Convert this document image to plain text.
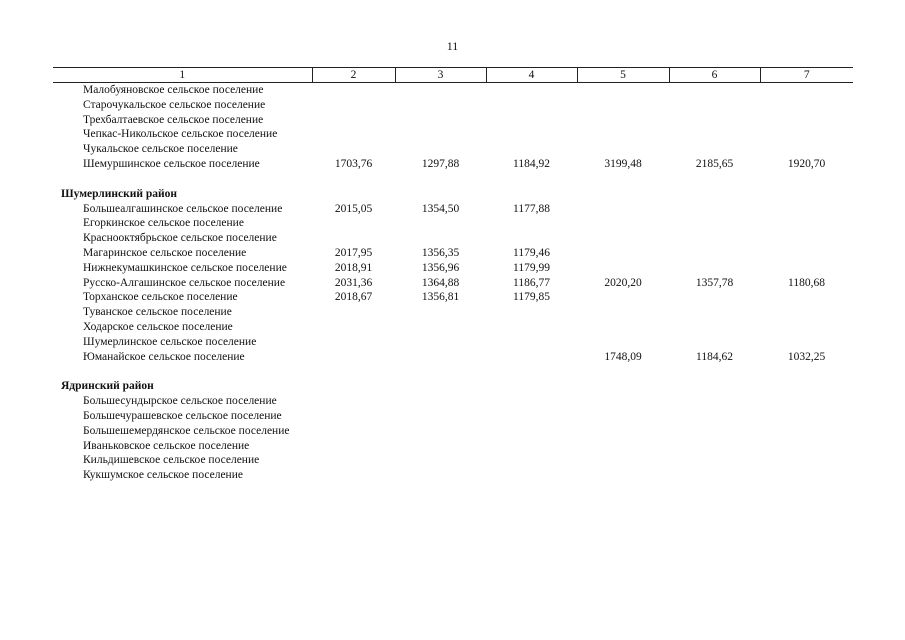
11
1	2	3	4	5	6	7
Малобуяновское сельское поселение						
Старочукальское сельское поселение						
Трехбалтаевское сельское поселение						
Чепкас-Никольское сельское поселение						
Чукальское сельское поселение						
Шемуршинское сельское поселение	1703,76	1297,88	1184,92	3199,48	2185,65	1920,70

Шумерлинский район						
Большеалгашинское сельское поселение	2015,05	1354,50	1177,88			
Егоркинское сельское поселение						
Краснооктябрьское сельское поселение						
Магаринское сельское поселение	2017,95	1356,35	1179,46			
Нижнекумашкинское сельское поселение	2018,91	1356,96	1179,99			
Русско-Алгашинское сельское поселение	2031,36	1364,88	1186,77	2020,20	1357,78	1180,68
Торханское сельское поселение	2018,67	1356,81	1179,85			
Туванское сельское поселение						
Ходарское сельское поселение						
Шумерлинское сельское поселение						
Юманайское сельское поселение				1748,09	1184,62	1032,25

Ядринский район						
Большесундырское сельское поселение						
Большечурашевское сельское поселение						
Большешемердянское сельское поселение						
Иваньковское сельское поселение						
Кильдишевское сельское поселение						
Кукшумское сельское поселение						
